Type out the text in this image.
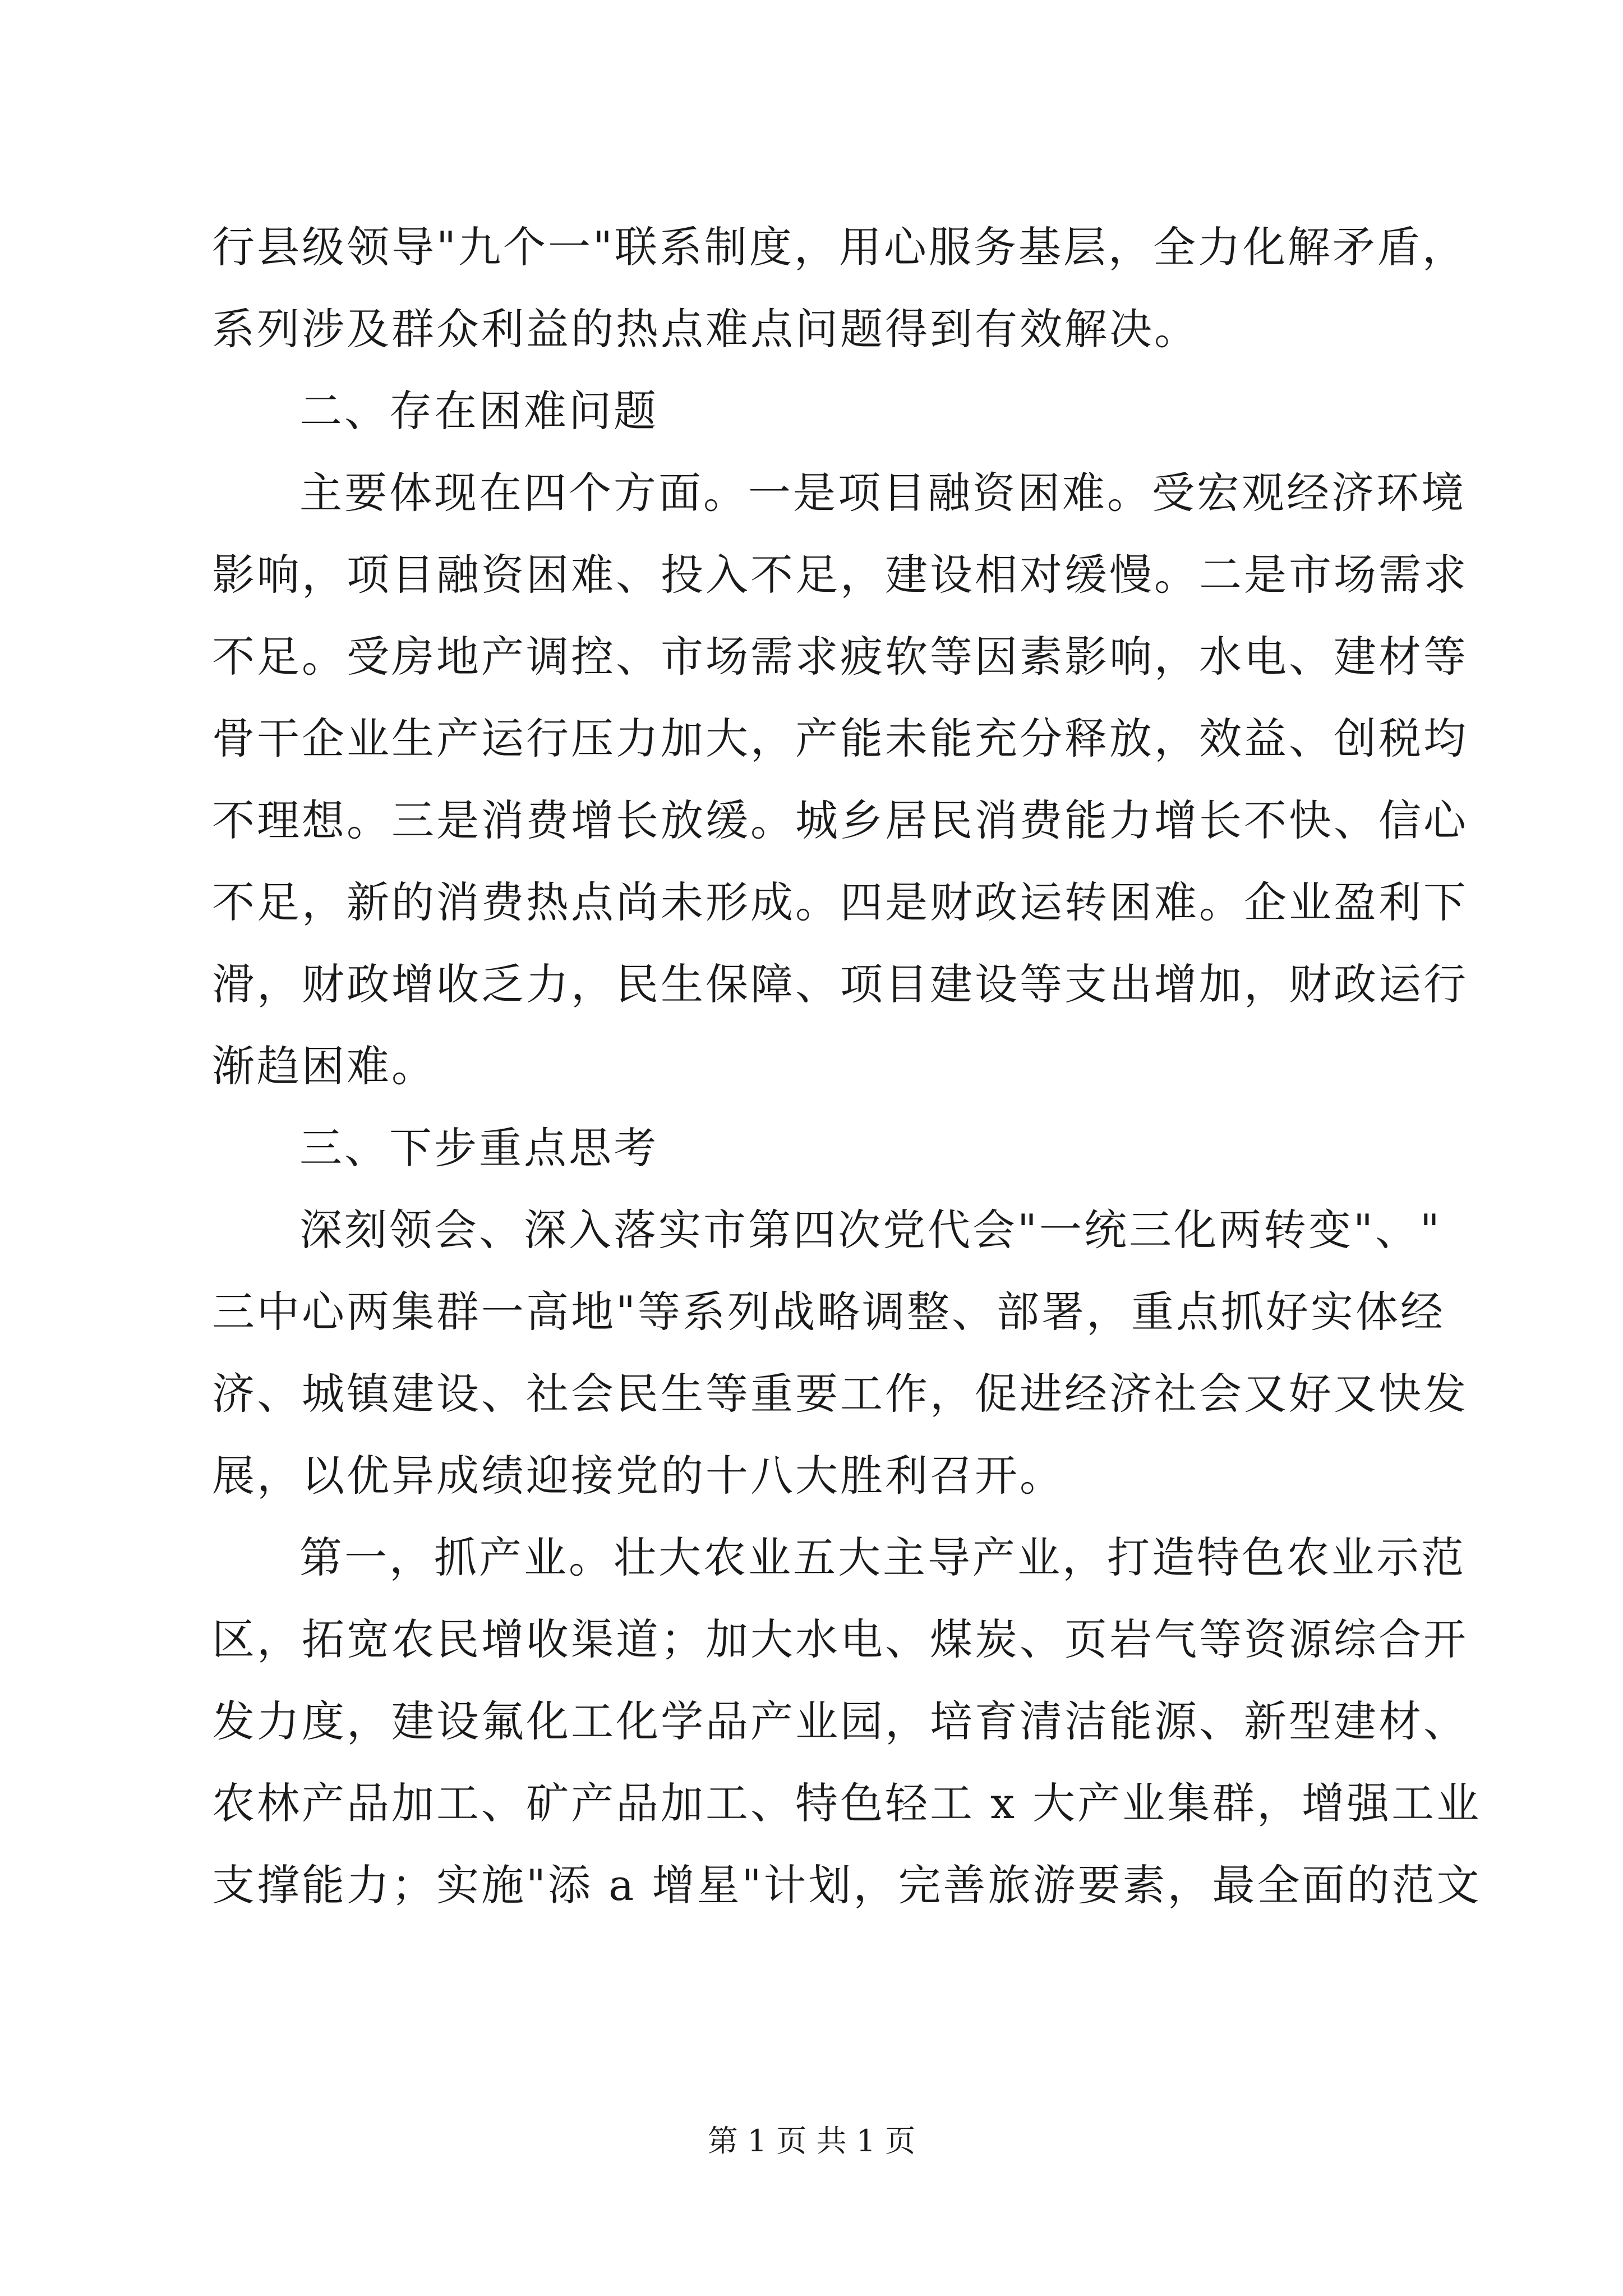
行县级领导"九个一"联系制度，用心服务基层，全力化解矛盾，
系列涉及群众利益的热点难点问题得到有效解决。
二、存在困难问题
主要体现在四个方面。一是项目融资困难。受宏观经济环境
影响，项目融资困难、投入不足，建设相对缓慢。二是市场需求
不足。受房地产调控、市场需求疲软等因素影响，水电、建材等
骨干企业生产运行压力加大，产能未能充分释放，效益、创税均
不理想。三是消费增长放缓。城乡居民消费能力增长不快、信心
不足，新的消费热点尚未形成。四是财政运转困难。企业盈利下
滑，财政增收乏力，民生保障、项目建设等支出增加，财政运行
渐趋困难。
三、下步重点思考
深刻领会、深入落实市第四次党代会"一统三化两转变"、"
三中心两集群一高地"等系列战略调整、部署，重点抓好实体经
济、城镇建设、社会民生等重要工作，促进经济社会又好又快发
展，以优异成绩迎接党的十八大胜利召开。
第一，抓产业。壮大农业五大主导产业，打造特色农业示范
区，拓宽农民增收渠道；加大水电、煤炭、页岩气等资源综合开
发力度，建设氟化工化学品产业园，培育清洁能源、新型建材、
农林产品加工、矿产品加工、特色轻工 x 大产业集群，增强工业
支撑能力；实施"添 a 增星"计划，完善旅游要素，最全面的范文
第 1 页 共 1 页
